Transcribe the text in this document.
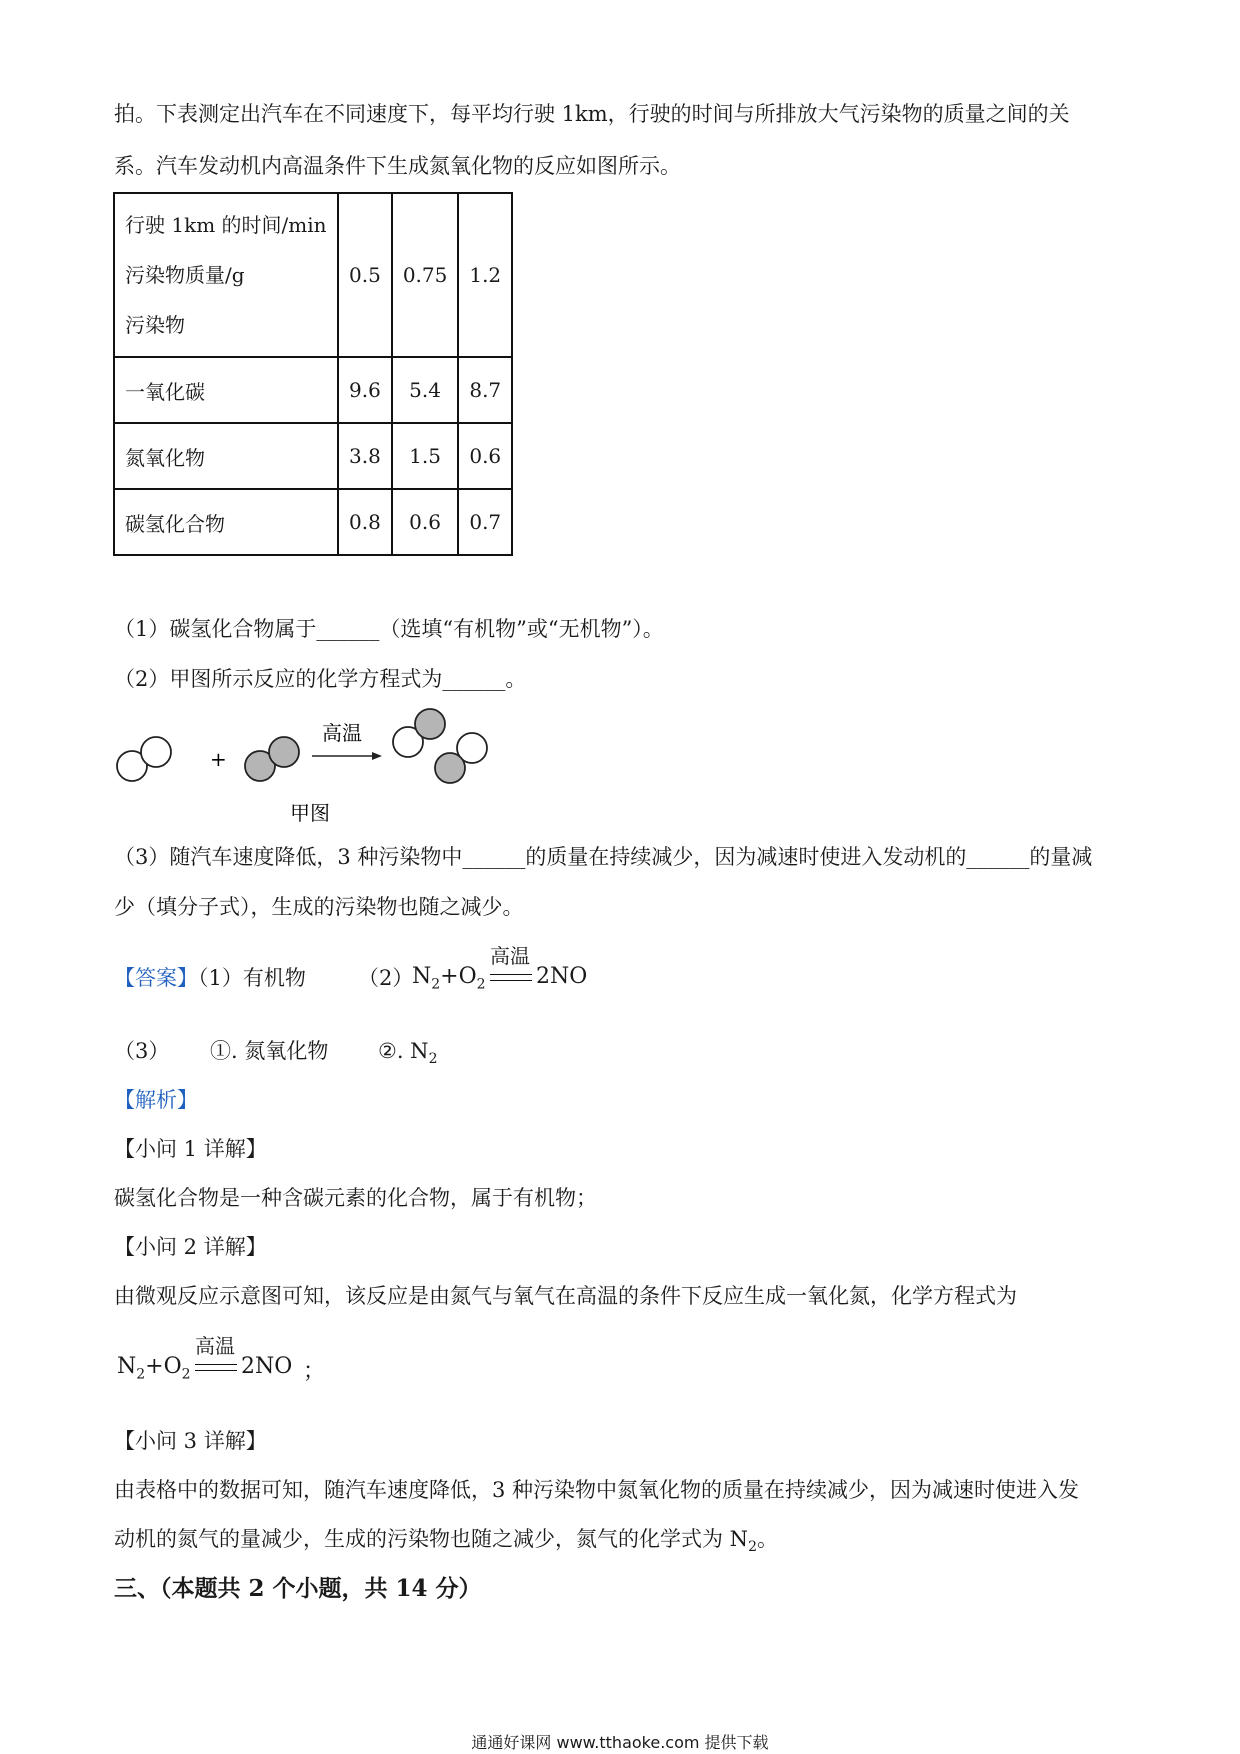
拍。下表测定出汽车在不同速度下，每平均行驶 1km，行驶的时间与所排放大气污染物的质量之间的关
系。汽车发动机内高温条件下生成氮氧化物的反应如图所示。
行驶 1km 的时间/min
污染物质量/g
污染物	0.5	0.75	1.2
一氧化碳	9.6	5.4	8.7
氮氧化物	3.8	1.5	0.6
碳氢化合物	0.8	0.6	0.7
（1）碳氢化合物属于______（选填“有机物”或“无机物”）。
（2）甲图所示反应的化学方程式为______。
+
高温
甲图
（3）随汽车速度降低，3 种污染物中______的质量在持续减少，因为减速时使进入发动机的______的量减
少（填分子式），生成的污染物也随之减少。
【答案】（1）有机物 （2）
$N_2+O_2$
高温
2NO
（3） ①. 氮氧化物 ②. $N_2$
【解析】
【小问 1 详解】
碳氢化合物是一种含碳元素的化合物，属于有机物；
【小问 2 详解】
由微观反应示意图可知，该反应是由氮气与氧气在高温的条件下反应生成一氧化氮，化学方程式为
$N_2+O_2$
高温
2NO ；
【小问 3 详解】
由表格中的数据可知，随汽车速度降低，3 种污染物中氮氧化物的质量在持续减少，因为减速时使进入发
动机的氮气的量减少，生成的污染物也随之减少，氮气的化学式为 $N_2$。
三、（本题共 2 个小题，共 14 分）
通通好课网 www.tthaoke.com 提供下载
